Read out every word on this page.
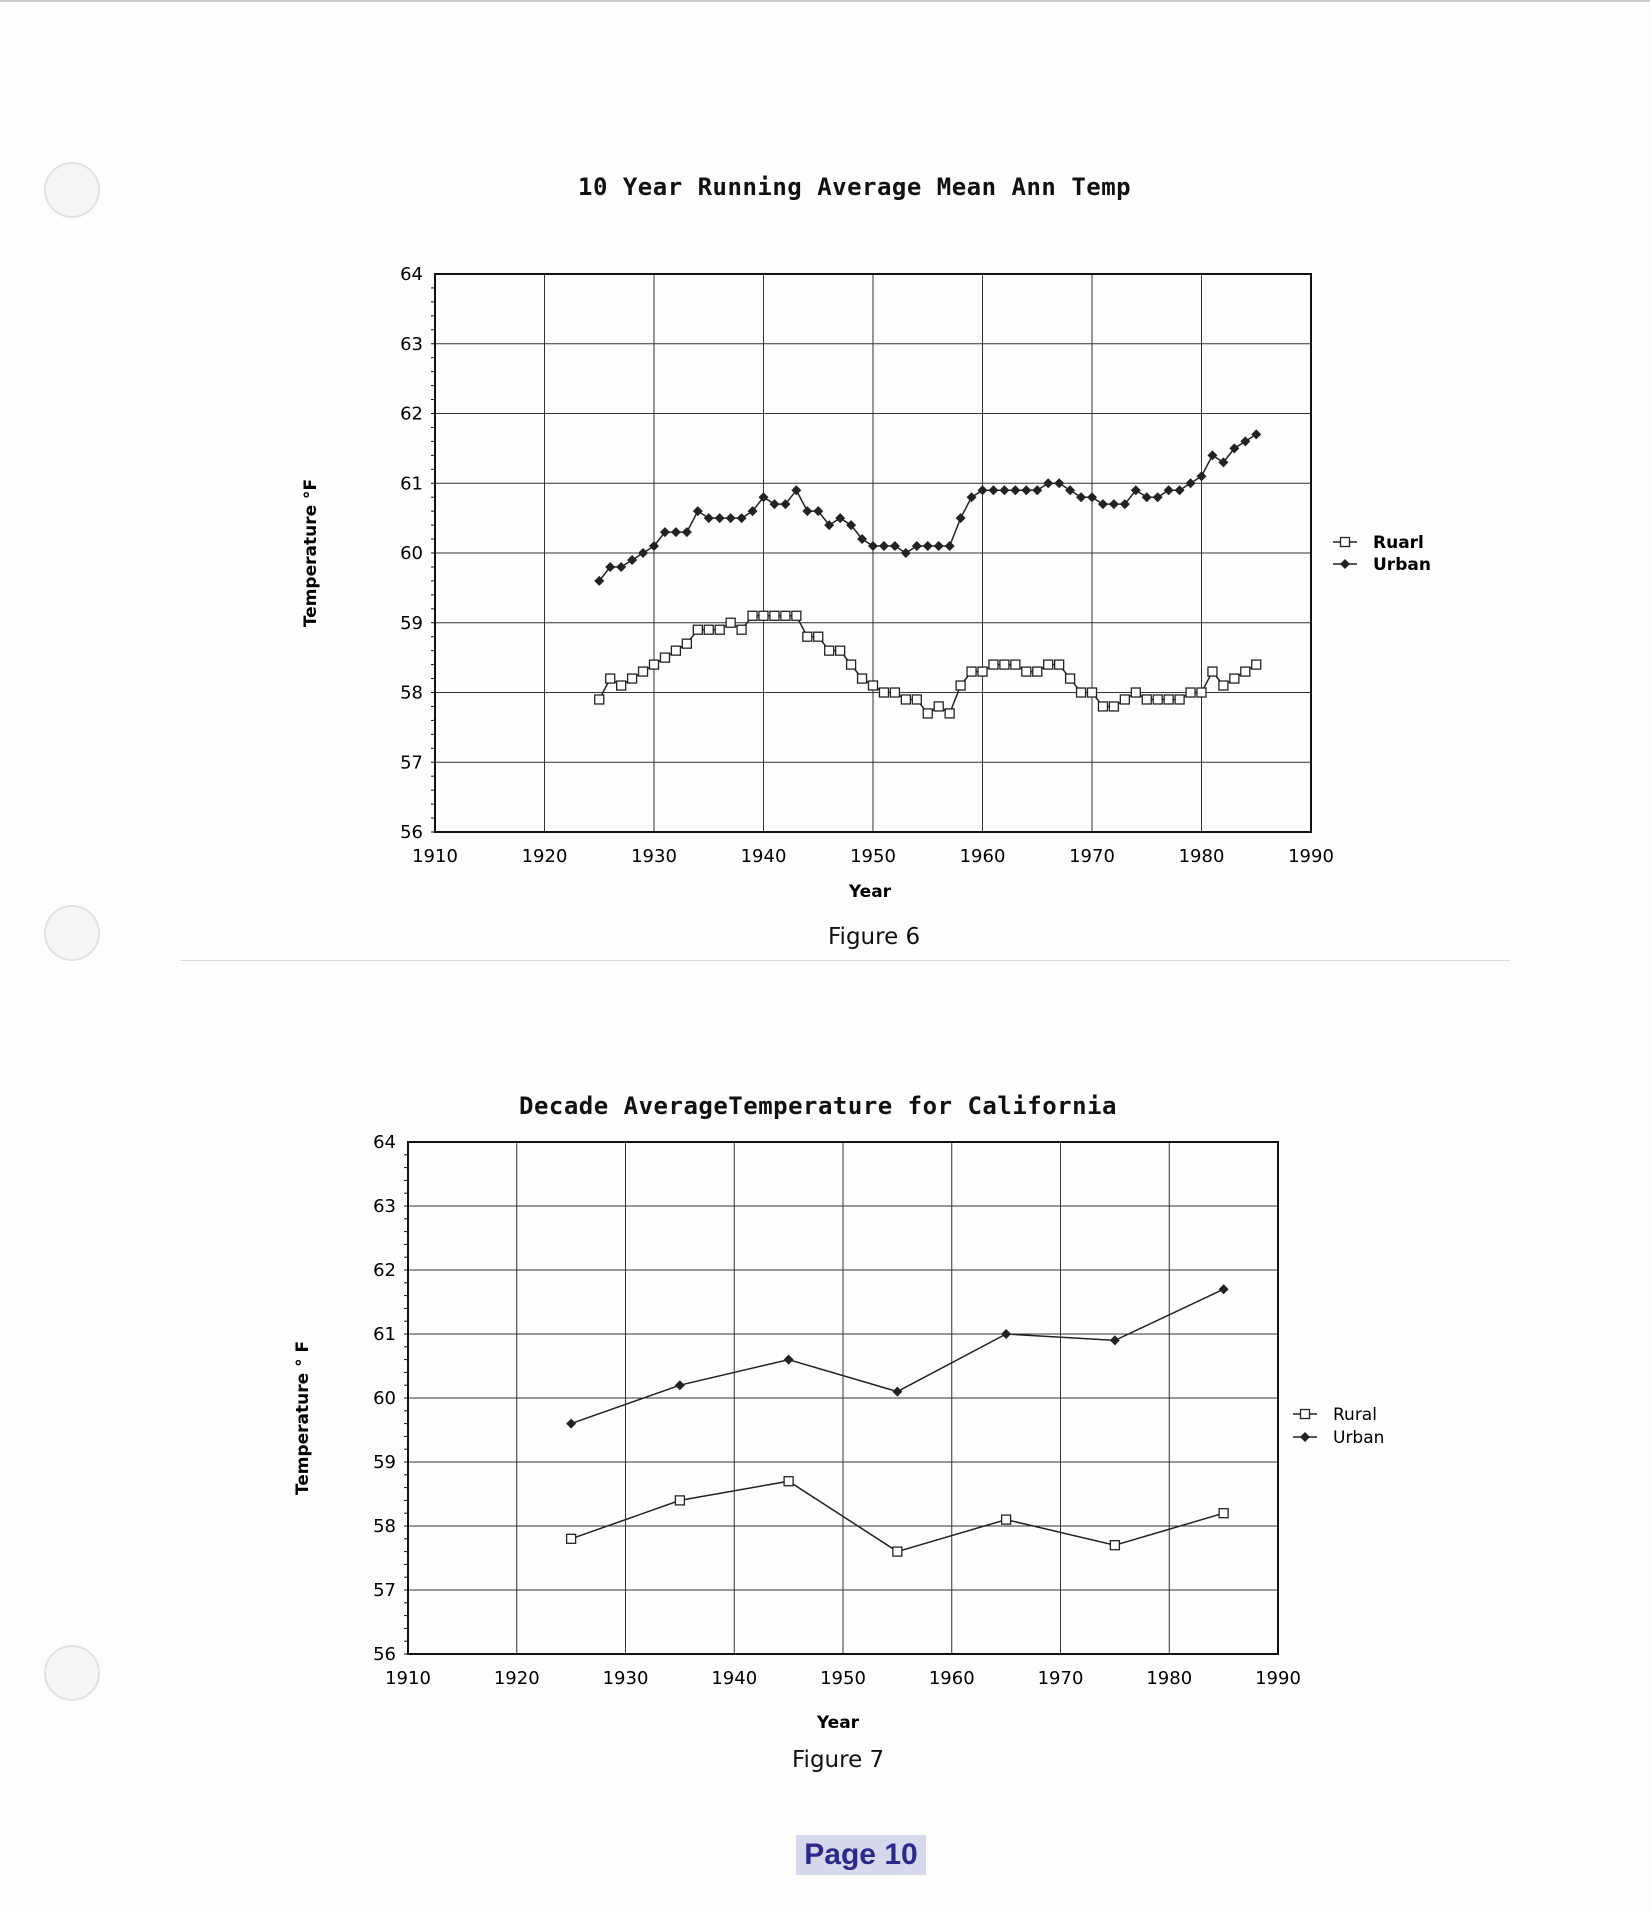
10 Year Running Average Mean Ann Temp
1910	1920	1930	1940	1950	1960	1970	1980	1990
56
57
58
59
60
61
62
63
64
Year
Temperature °F	Ruarl
Urban
Figure 6
Decade AverageTemperature for California
1910	1920	1930	1940	1950	1960	1970	1980	1990
56
57
58
59
60
61
62
63
64
Year
Temperature ° F	Rural
Urban
Figure 7
Page 10
